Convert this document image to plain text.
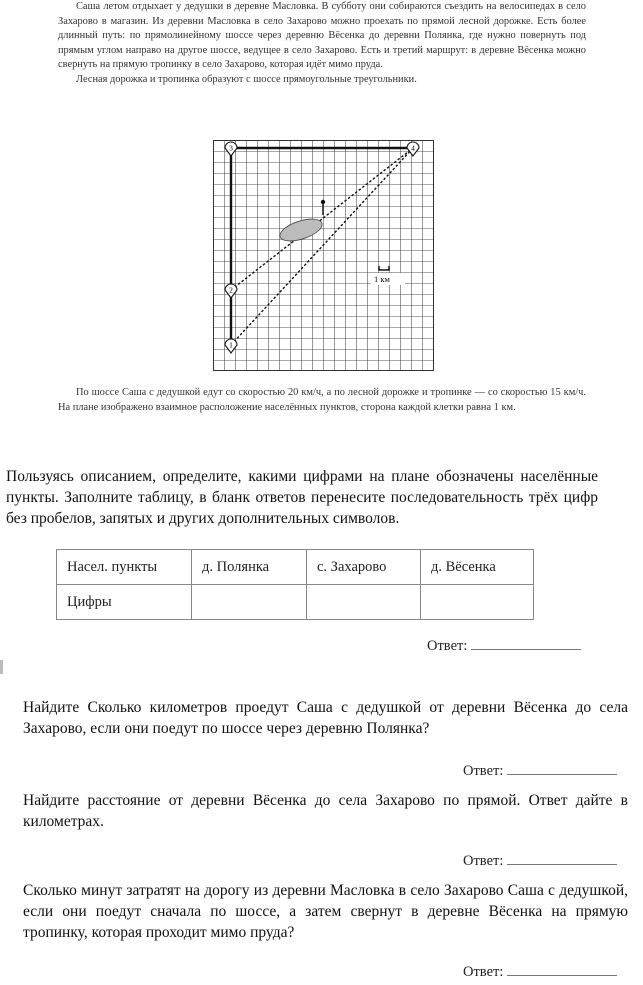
Саша летом отдыхает у дедушки в деревне Масловка. В субботу они собираются съездить на велосипедах в село Захарово в магазин. Из деревни Масловка в село Захарово можно проехать по прямой лесной дорожке. Есть более длинный путь: по прямолинейному шоссе через деревню Вёсенка до деревни Полянка, где нужно повернуть под прямым углом направо на другое шоссе, ведущее в село Захарово. Есть и третий маршрут: в деревне Вёсенка можно свернуть на прямую тропинку в село Захарово, которая идёт мимо пруда.

Лесная дорожка и тропинка образуют с шоссе прямоугольные треугольники.

1 км
3	4
2
1

По шоссе Саша с дедушкой едут со скоростью 20 км/ч, а по лесной дорожке и тропинке — со скоростью 15 км/ч. На плане изображено взаимное расположение населённых пунктов, сторона каждой клетки равна 1 км.

Пользуясь описанием, определите, какими цифрами на плане обозначены населённые пункты. Заполните таблицу, в бланк ответов перенесите последовательность трёх цифр без пробелов, запятых и других дополнительных символов.
Насел. пункты	д. Полянка	с. Захарово	д. Вёсенка
Цифры			
Ответ:
Найдите Сколько километров проедут Саша с дедушкой от деревни Вёсенка до села Захарово, если они поедут по шоссе через деревню Полянка?
Ответ:
Найдите расстояние от деревни Вёсенка до села Захарово по прямой. Ответ дайте в километрах.
Ответ:
Сколько минут затратят на дорогу из деревни Масловка в село Захарово Саша с дедушкой, если они поедут сначала по шоссе, а затем свернут в деревне Вёсенка на прямую тропинку, которая проходит мимо пруда?
Ответ:
